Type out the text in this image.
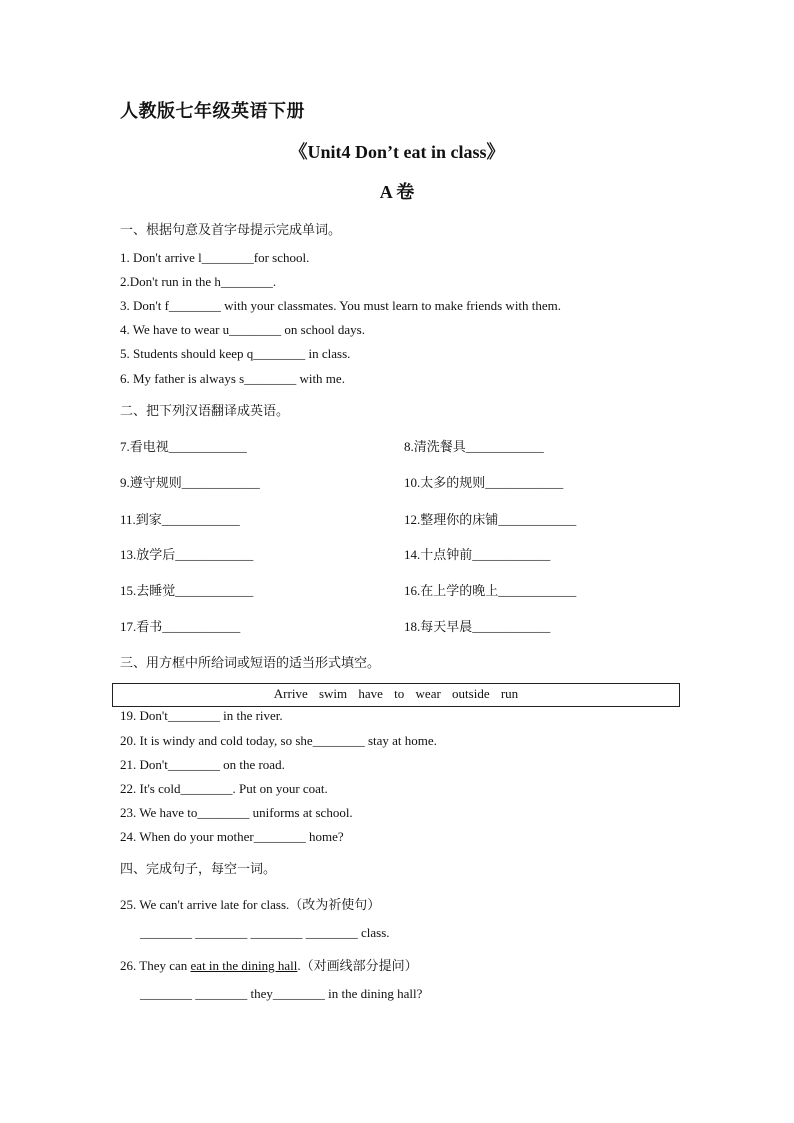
人教版七年级英语下册
《Unit4 Don’t eat in class》
A 卷
一、根据句意及首字母提示完成单词。
1. Don't arrive l________for school.
2.Don't run in the h________.
3. Don't f________ with your classmates. You must learn to make friends with them.
4. We have to wear u________ on school days.
5. Students should keep q________ in class.
6. My father is always s________ with me.
二、把下列汉语翻译成英语。
7.看电视____________	8.清洗餐具____________
9.遵守规则____________	10.太多的规则____________
11.到家____________	12.整理你的床铺____________
13.放学后____________	14.十点钟前____________
15.去睡觉____________	16.在上学的晚上____________
17.看书____________	18.每天早晨____________
三、用方框中所给词或短语的适当形式填空。
Arrive swim have to wear outside run
19. Don't________ in the river.
20. It is windy and cold today, so she________ stay at home.
21. Don't________ on the road.
22. It's cold________. Put on your coat.
23. We have to________ uniforms at school.
24. When do your mother________ home?
四、完成句子，每空一词。
25. We can't arrive late for class.（改为祈使句）
________ ________ ________ ________ class.
26. They can eat in the dining hall.（对画线部分提问）
________ ________ they________ in the dining hall?
